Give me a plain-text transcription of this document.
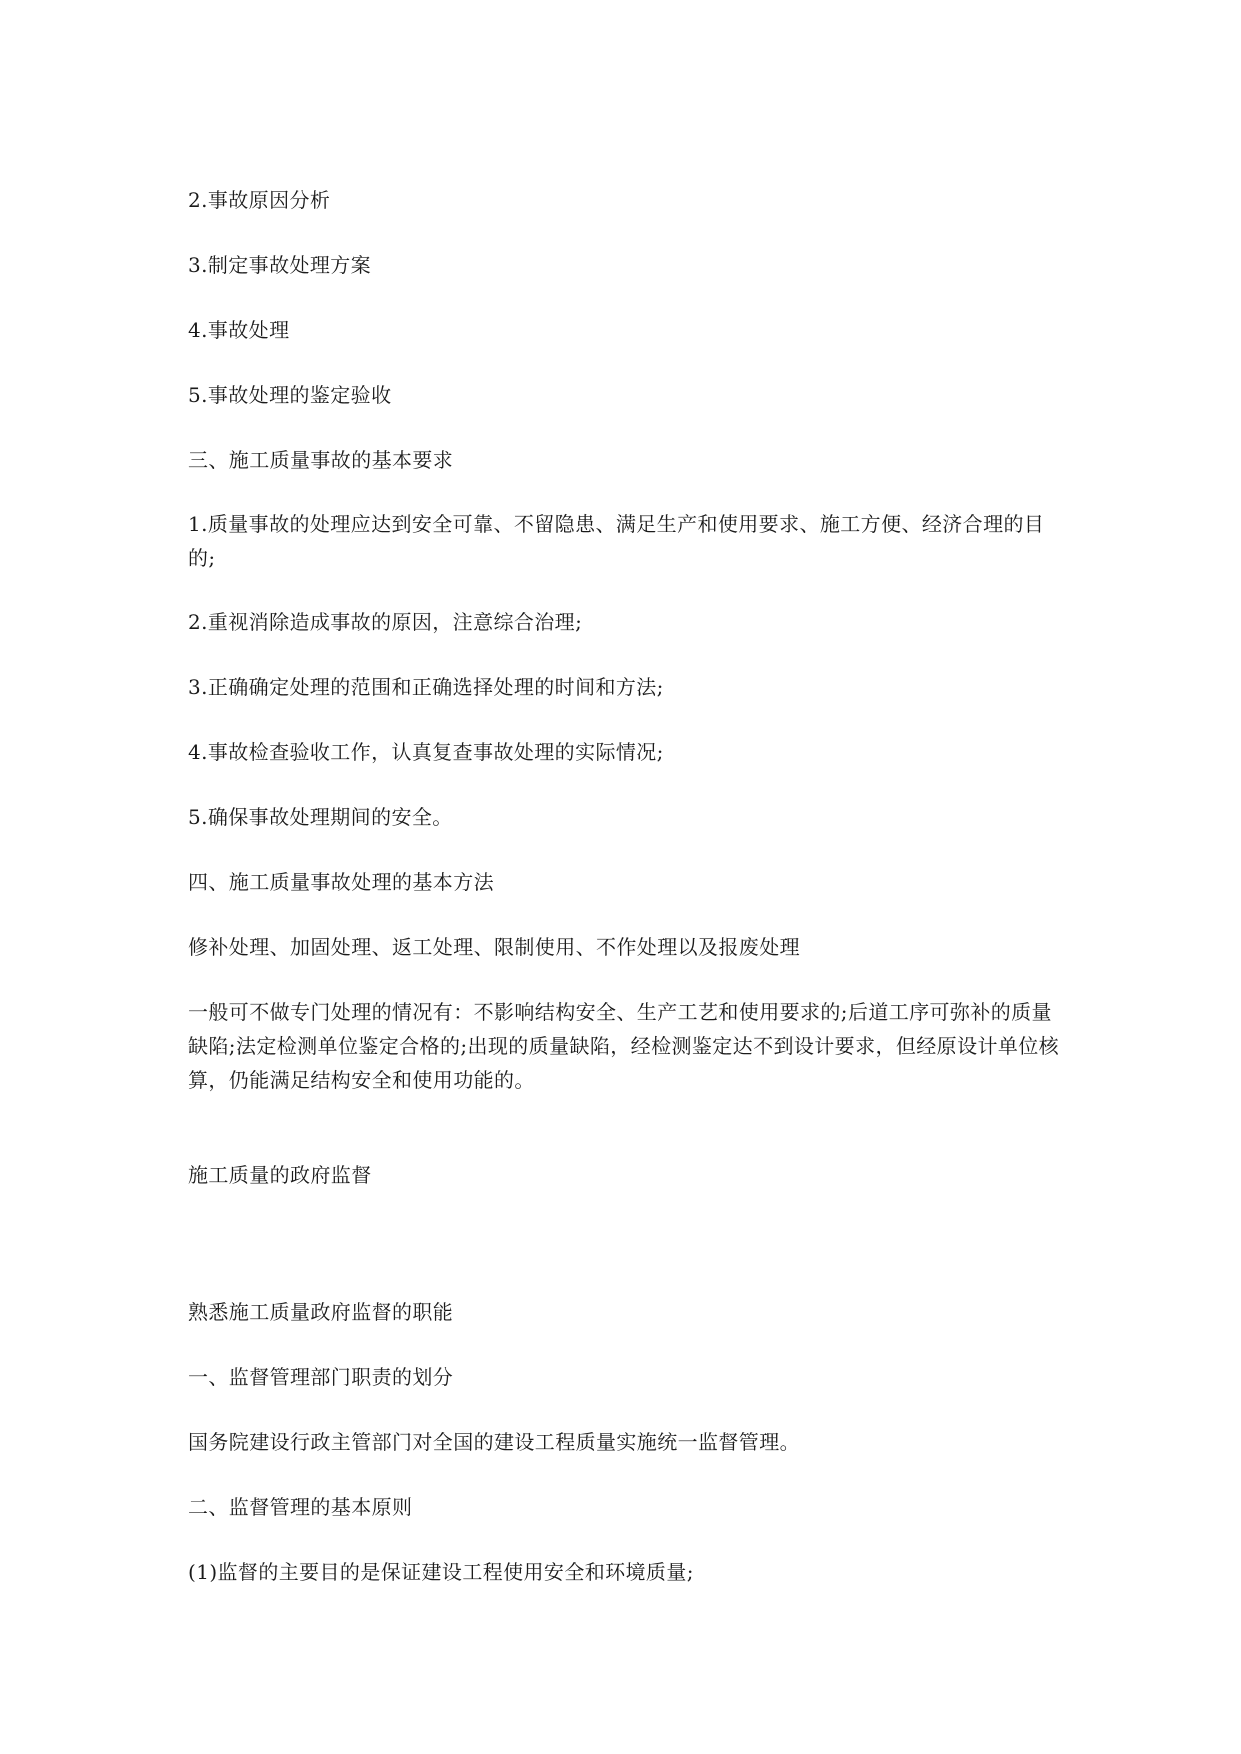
2.事故原因分析
3.制定事故处理方案
4.事故处理
5.事故处理的鉴定验收
三、施工质量事故的基本要求
1.质量事故的处理应达到安全可靠、不留隐患、满足生产和使用要求、施工方便、经济合理的目的;
2.重视消除造成事故的原因，注意综合治理;
3.正确确定处理的范围和正确选择处理的时间和方法;
4.事故检查验收工作，认真复查事故处理的实际情况;
5.确保事故处理期间的安全。
四、施工质量事故处理的基本方法
修补处理、加固处理、返工处理、限制使用、不作处理以及报废处理
一般可不做专门处理的情况有：不影响结构安全、生产工艺和使用要求的;后道工序可弥补的质量缺陷;法定检测单位鉴定合格的;出现的质量缺陷，经检测鉴定达不到设计要求，但经原设计单位核算，仍能满足结构安全和使用功能的。
施工质量的政府监督
熟悉施工质量政府监督的职能
一、监督管理部门职责的划分
国务院建设行政主管部门对全国的建设工程质量实施统一监督管理。
二、监督管理的基本原则
(1)监督的主要目的是保证建设工程使用安全和环境质量;
